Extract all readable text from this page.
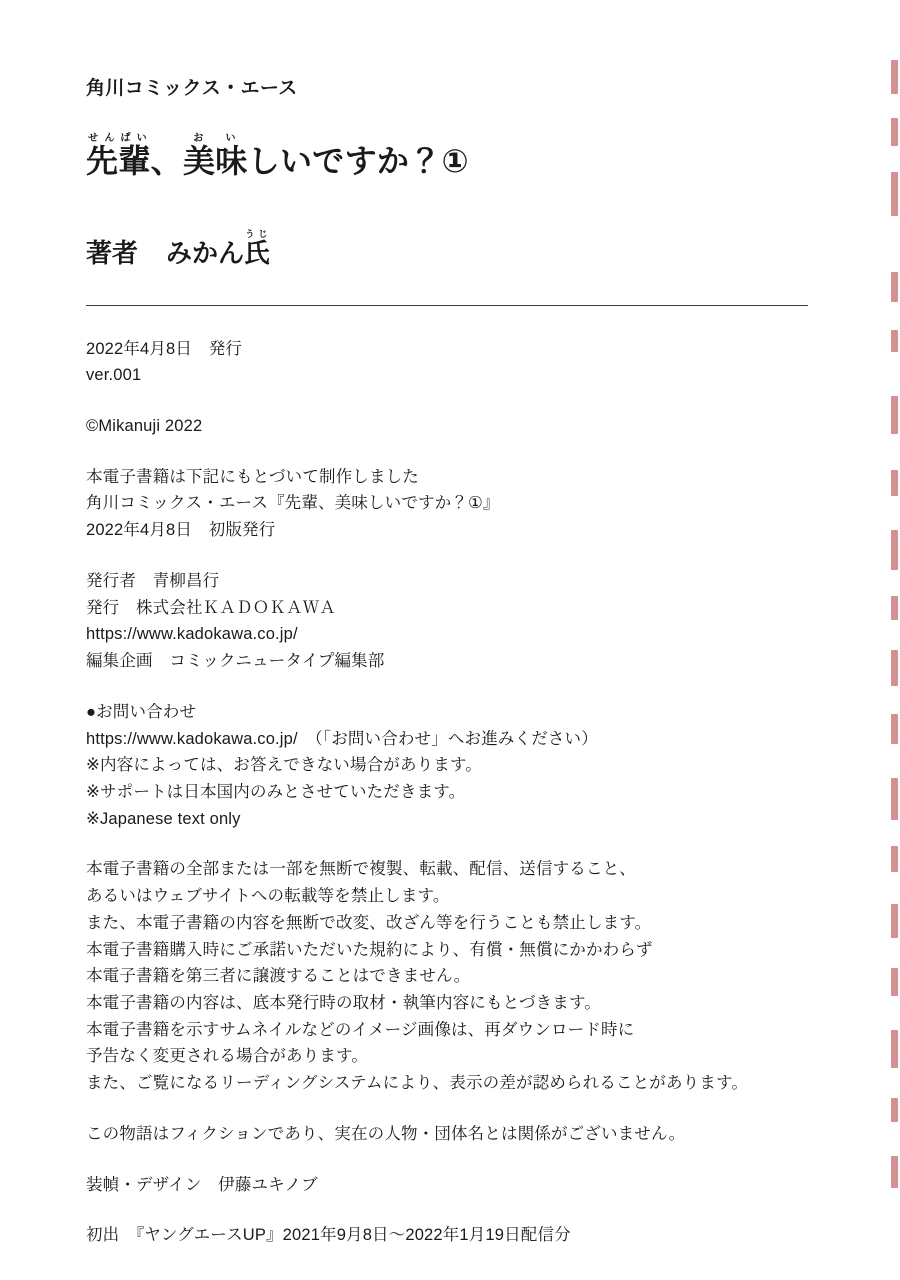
角川コミックス・エース
先輩せんぱい、美お味いしいですか？①
著者 みかん氏うじ
2022年4月8日　発行
ver.001
©Mikanuji 2022
本電子書籍は下記にもとづいて制作しました
角川コミックス・エース『先輩、美味しいですか？①』
2022年4月8日　初版発行
発行者　青柳昌行
発行　株式会社ＫＡＤＯＫＡＷＡ
https://www.kadokawa.co.jp/
編集企画　コミックニュータイプ編集部
●お問い合わせ
https://www.kadokawa.co.jp/　（「お問い合わせ」へお進みください）
※内容によっては、お答えできない場合があります。
※サポートは日本国内のみとさせていただきます。
※Japanese text only
本電子書籍の全部または一部を無断で複製、転載、配信、送信すること、
あるいはウェブサイトへの転載等を禁止します。
また、本電子書籍の内容を無断で改変、改ざん等を行うことも禁止します。
本電子書籍購入時にご承諾いただいた規約により、有償・無償にかかわらず
本電子書籍を第三者に譲渡することはできません。
本電子書籍の内容は、底本発行時の取材・執筆内容にもとづきます。
本電子書籍を示すサムネイルなどのイメージ画像は、再ダウンロード時に
予告なく変更される場合があります。
また、ご覧になるリーディングシステムにより、表示の差が認められることがあります。
この物語はフィクションであり、実在の人物・団体名とは関係がございません。
装幀・デザイン　伊藤ユキノブ
初出　『ヤングエースUP』2021年9月8日〜2022年1月19日配信分
